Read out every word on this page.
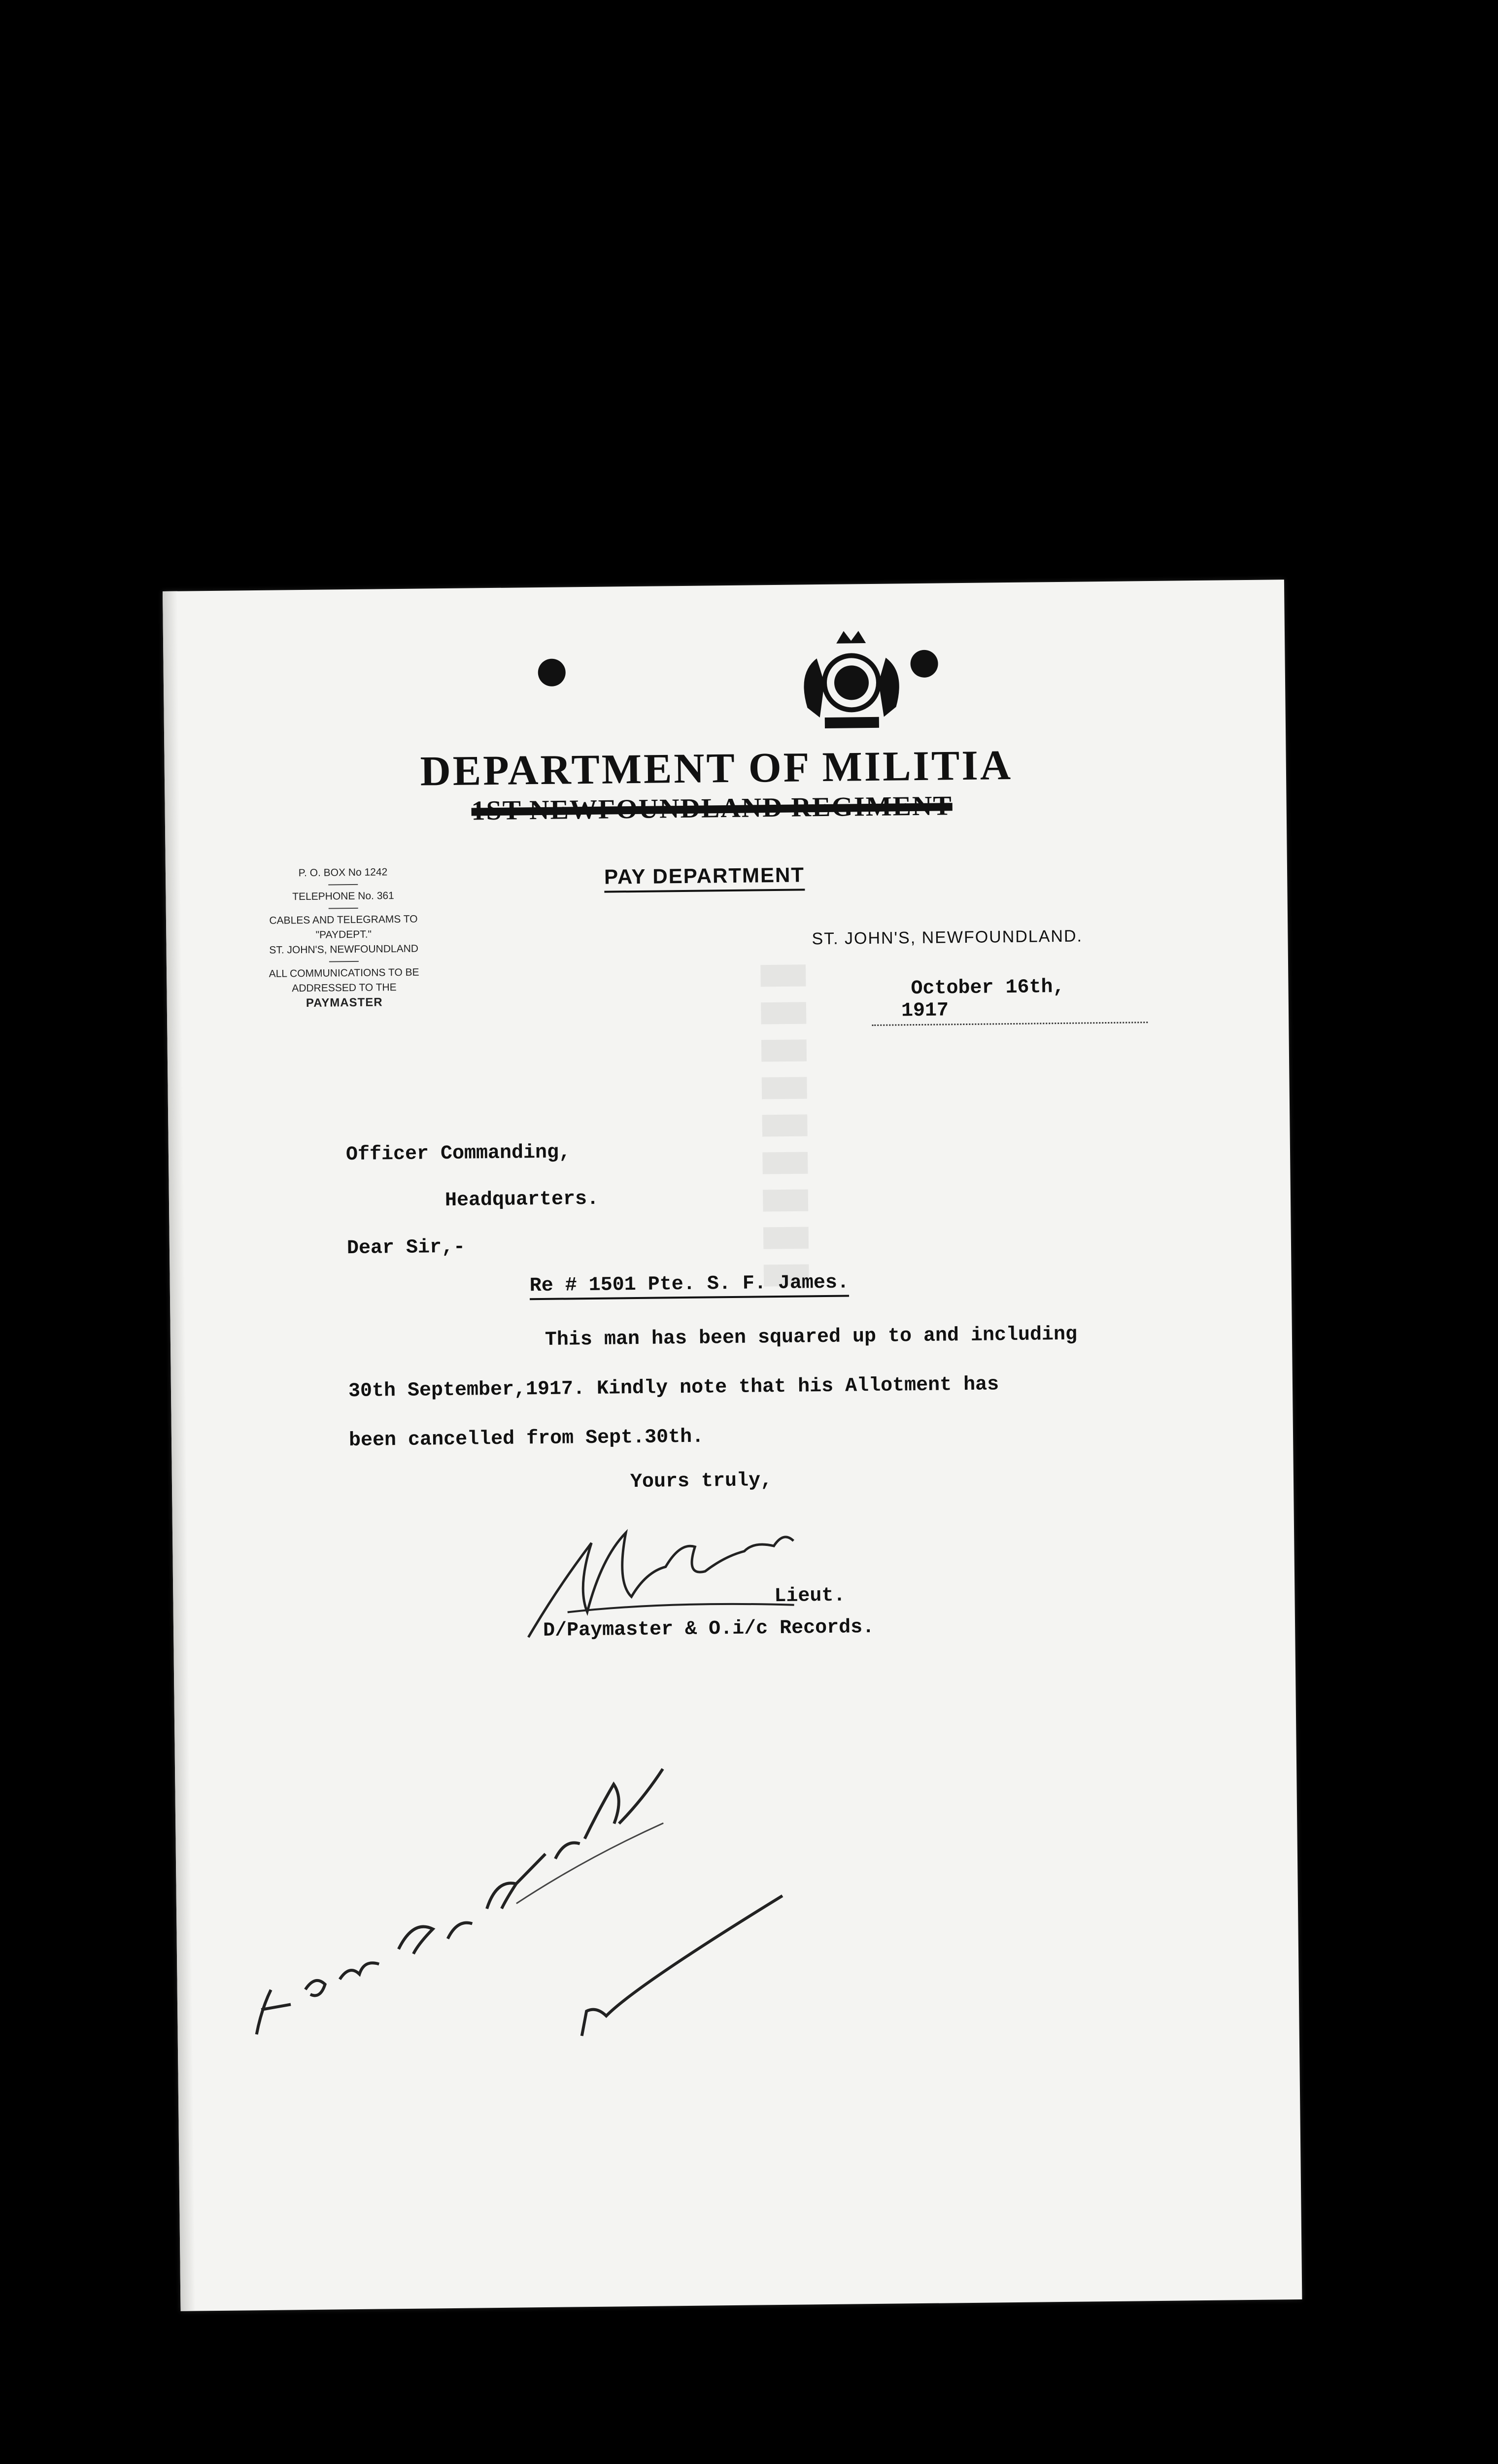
DEPARTMENT OF MILITIA
1ST NEWFOUNDLAND REGIMENT
P. O. BOX No 1242
TELEPHONE No. 361
CABLES AND TELEGRAMS TO
"PAYDEPT."
ST. JOHN'S, NEWFOUNDLAND
ALL COMMUNICATIONS TO BE
ADDRESSED TO THE
PAYMASTER
PAY DEPARTMENT
ST. JOHN'S, NEWFOUNDLAND.
October 16th, 1917
▮▮▮▮▮▮▮▮▮
Officer Commanding,
Headquarters.
Dear Sir,-
Re # 1501 Pte. S. F. James.
This man has been squared up to and including
30th September,1917. Kindly note that his Allotment has
been cancelled from Sept.30th.
Yours truly,
Lieut.
D/Paymaster & O.i/c Records.
